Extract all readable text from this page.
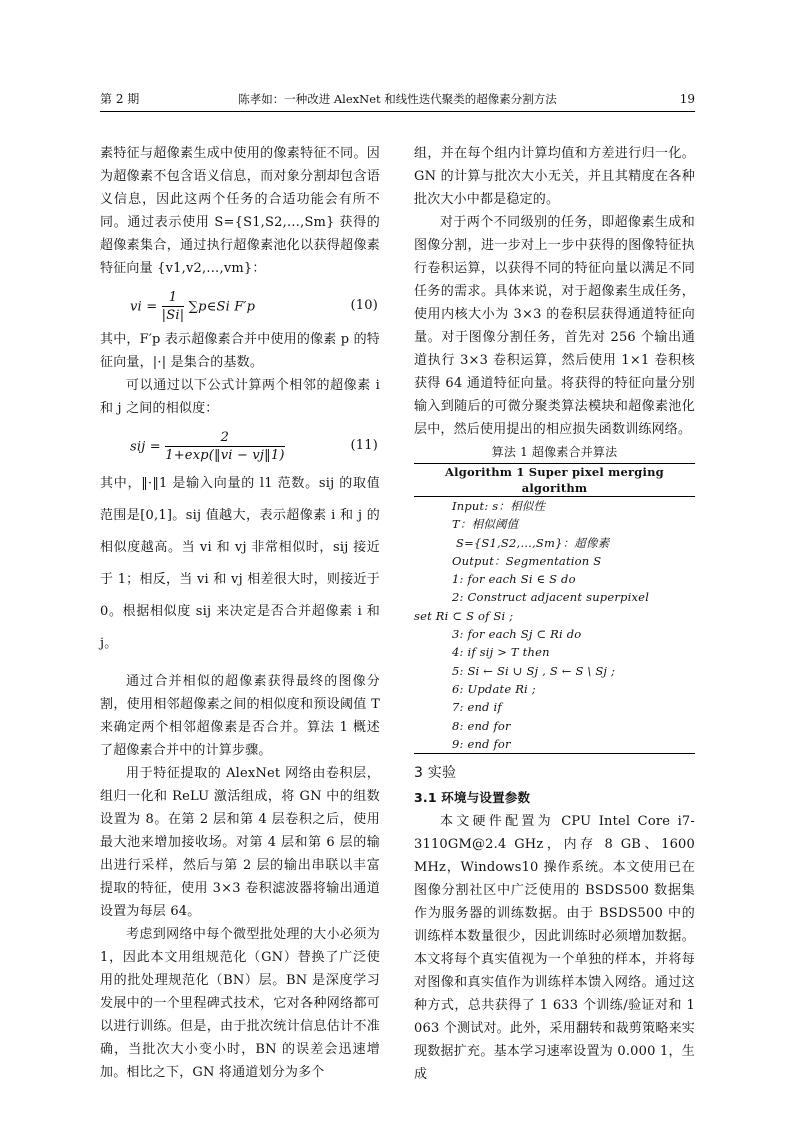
第 2 期	陈孝如：一种改进 AlexNet 和线性迭代聚类的超像素分割方法	19

素特征与超像素生成中使用的像素特征不同。因为超像素不包含语义信息，而对象分割却包含语义信息，因此这两个任务的合适功能会有所不同。通过表示使用 S={S1,S2,…,Sm} 获得的超像素集合，通过执行超像素池化以获得超像素特征向量 {v1,v2,…,vm}：

vi = $\frac{1}{|Si|}$ ∑p∈Si F′p	(10)

其中，F′p 表示超像素合并中使用的像素 p 的特征向量，|·| 是集合的基数。

可以通过以下公式计算两个相邻的超像素 i 和 j 之间的相似度：

sij = $\frac{2}{1+\exp(‖vi - vj‖1)}$	(11)

其中，‖·‖1 是输入向量的 l1 范数。sij 的取值范围是[0,1]。sij 值越大，表示超像素 i 和 j 的相似度越高。当 vi 和 vj 非常相似时，sij 接近于 1；相反，当 vi 和 vj 相差很大时，则接近于 0。根据相似度 sij 来决定是否合并超像素 i 和 j。

通过合并相似的超像素获得最终的图像分割，使用相邻超像素之间的相似度和预设阈值 T 来确定两个相邻超像素是否合并。算法 1 概述了超像素合并中的计算步骤。

用于特征提取的 AlexNet 网络由卷积层，组归一化和 ReLU 激活组成，将 GN 中的组数设置为 8。在第 2 层和第 4 层卷积之后，使用最大池来增加接收场。对第 4 层和第 6 层的输出进行采样，然后与第 2 层的输出串联以丰富提取的特征，使用 3×3 卷积滤波器将输出通道设置为每层 64。

考虑到网络中每个微型批处理的大小必须为 1，因此本文用组规范化（GN）替换了广泛使用的批处理规范化（BN）层。BN 是深度学习发展中的一个里程碑式技术，它对各种网络都可以进行训练。但是，由于批次统计信息估计不准确，当批次大小变小时，BN 的误差会迅速增加。相比之下，GN 将通道划分为多个

组，并在每个组内计算均值和方差进行归一化。GN 的计算与批次大小无关，并且其精度在各种批次大小中都是稳定的。

对于两个不同级别的任务，即超像素生成和图像分割，进一步对上一步中获得的图像特征执行卷积运算，以获得不同的特征向量以满足不同任务的需求。具体来说，对于超像素生成任务，使用内核大小为 3×3 的卷积层获得通道特征向量。对于图像分割任务，首先对 256 个输出通道执行 3×3 卷积运算，然后使用 1×1 卷积核获得 64 通道特征向量。将获得的特征向量分别输入到随后的可微分聚类算法模块和超像素池化层中，然后使用提出的相应损失函数训练网络。

算法 1 超像素合并算法
Algorithm 1 Super pixel merging algorithm
Input: s：相似性
T：相似阈值
S={S1,S2,…,Sm}：超像素
Output：Segmentation S
1: for each Si ∈ S do
2: Construct adjacent superpixel
set Ri ⊂ S of Si ;
3: for each Sj ⊂ Ri do
4: if sij > T then
5: Si ← Si ∪ Sj , S ← S \ Sj ;
6: Update Ri ;
7: end if
8: end for
9: end for
3 实验
3.1 环境与设置参数

本文硬件配置为 CPU Intel Core i7-3110GM@2.4 GHz，内存 8 GB、1600 MHz，Windows10 操作系统。本文使用已在图像分割社区中广泛使用的 BSDS500 数据集作为服务器的训练数据。由于 BSDS500 中的训练样本数量很少，因此训练时必须增加数据。本文将每个真实值视为一个单独的样本，并将每对图像和真实值作为训练样本馈入网络。通过这种方式，总共获得了 1 633 个训练/验证对和 1 063 个测试对。此外，采用翻转和裁剪策略来实现数据扩充。基本学习速率设置为 0.000 1，生成
